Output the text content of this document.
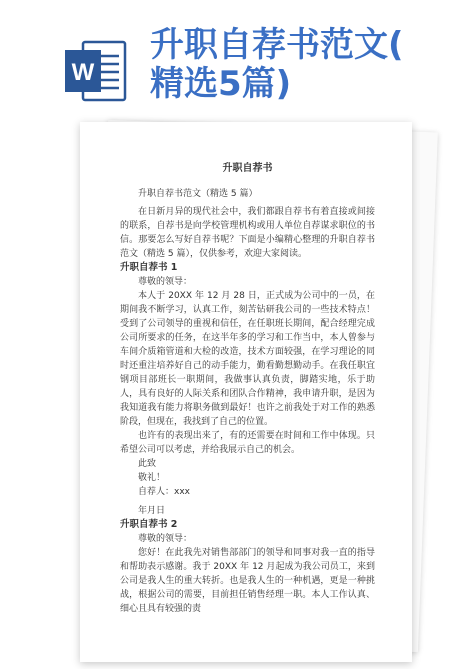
W
升职自荐书范文(
精选5篇)
升职自荐书
升职自荐书范文（精选 5 篇）
在日新月异的现代社会中，我们都跟自荐书有着直接或间接的联系，自荐书是向学校管理机构或用人单位自荐谋求职位的书信。那要怎么写好自荐书呢？下面是小编精心整理的升职自荐书范文（精选 5 篇），仅供参考，欢迎大家阅读。
升职自荐书 1
尊敬的领导：
本人于 20XX 年 12 月 28 日，正式成为公司中的一员，在期间我不断学习，认真工作，刻苦钻研我公司的一些技术特点！受到了公司领导的重视和信任，在任职班长期间，配合经理完成公司所要求的任务，在这半年多的学习和工作当中，本人曾参与车间介质箱管道和大检的改造，技术方面较强，在学习理论的同时还重注培养好自己的动手能力，勤看勤想勤动手。在我任职宜钢项目部班长一职期间，我做事认真负责，脚踏实地，乐于助人，具有良好的人际关系和团队合作精神，我申请升职，是因为我知道我有能力将职务做到最好！也许之前我处于对工作的熟悉阶段，但现在，我找到了自己的位置。
也许有的表现出来了，有的还需要在时间和工作中体现。只希望公司可以考虑，并给我展示自己的机会。
此致
敬礼！
自荐人：xxx
年月日
升职自荐书 2
尊敬的领导：
您好！在此我先对销售部部门的领导和同事对我一直的指导和帮助表示感谢。我于 20XX 年 12 月起成为我公司员工，来到公司是我人生的重大转折。也是我人生的一种机遇，更是一种挑战，根据公司的需要，目前担任销售经理一职。本人工作认真、细心且具有较强的责
